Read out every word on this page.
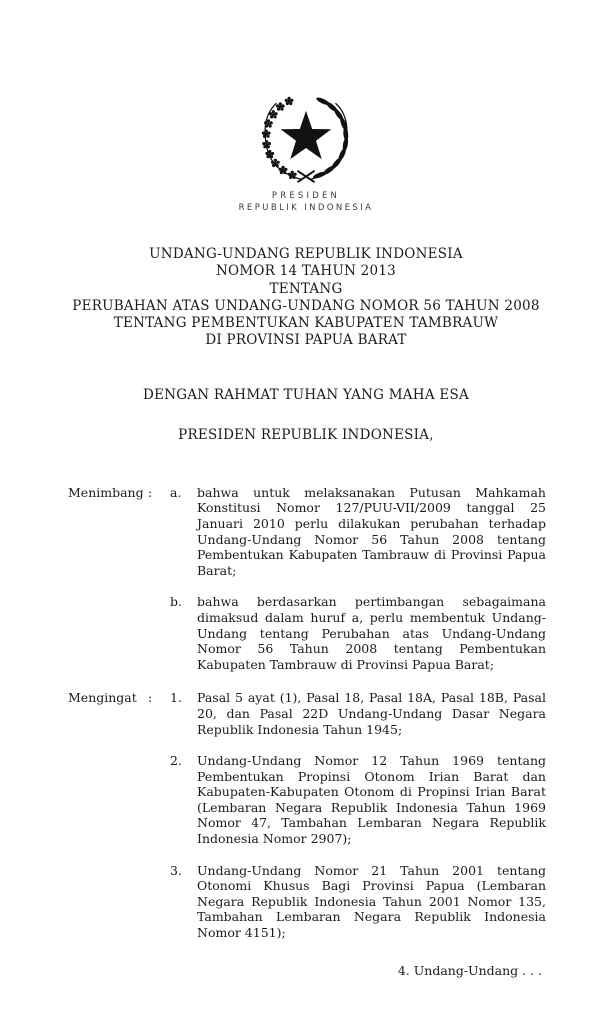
PRESIDEN
REPUBLIK INDONESIA
UNDANG-UNDANG REPUBLIK INDONESIA
NOMOR 14 TAHUN 2013
TENTANG
PERUBAHAN ATAS UNDANG-UNDANG NOMOR 56 TAHUN 2008
TENTANG PEMBENTUKAN KABUPATEN TAMBRAUW
DI PROVINSI PAPUA BARAT
DENGAN RAHMAT TUHAN YANG MAHA ESA
PRESIDEN REPUBLIK INDONESIA,
Menimbang :	a.	bahwa untuk melaksanakan Putusan Mahkamah Konstitusi Nomor 127/PUU-VII/2009 tanggal 25 Januari 2010 perlu dilakukan perubahan terhadap Undang-Undang Nomor 56 Tahun 2008 tentang Pembentukan Kabupaten Tambrauw di Provinsi Papua Barat;
b.	bahwa berdasarkan pertimbangan sebagaimana dimaksud dalam huruf a, perlu membentuk Undang-Undang tentang Perubahan atas Undang-Undang Nomor 56 Tahun 2008 tentang Pembentukan Kabupaten Tambrauw di Provinsi Papua Barat;
Mengingat :	1.	Pasal 5 ayat (1), Pasal 18, Pasal 18A, Pasal 18B, Pasal 20, dan Pasal 22D Undang-Undang Dasar Negara Republik Indonesia Tahun 1945;
2.	Undang-Undang Nomor 12 Tahun 1969 tentang Pembentukan Propinsi Otonom Irian Barat dan Kabupaten-Kabupaten Otonom di Propinsi Irian Barat (Lembaran Negara Republik Indonesia Tahun 1969 Nomor 47, Tambahan Lembaran Negara Republik Indonesia Nomor 2907);
3.	Undang-Undang Nomor 21 Tahun 2001 tentang Otonomi Khusus Bagi Provinsi Papua (Lembaran Negara Republik Indonesia Tahun 2001 Nomor 135, Tambahan Lembaran Negara Republik Indonesia Nomor 4151);
4. Undang-Undang . . .
